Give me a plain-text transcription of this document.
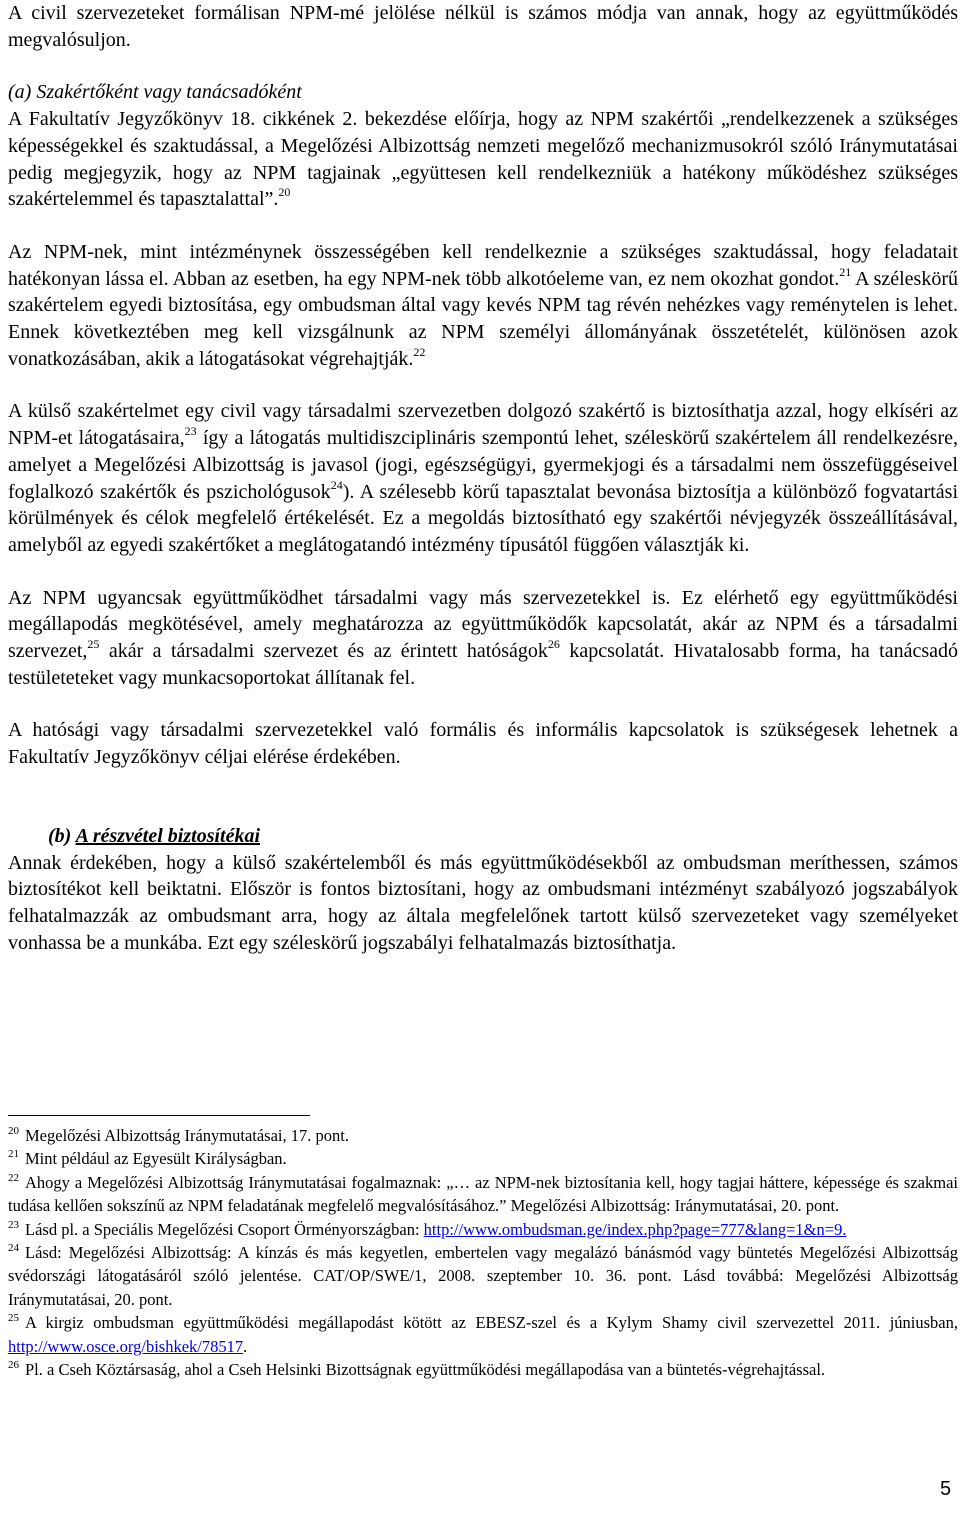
A civil szervezeteket formálisan NPM-mé jelölése nélkül is számos módja van annak, hogy az együttműködés megvalósuljon.

(a) Szakértőként vagy tanácsadóként

A Fakultatív Jegyzőkönyv 18. cikkének 2. bekezdése előírja, hogy az NPM szakértői „rendelkezzenek a szükséges képességekkel és szaktudással, a Megelőzési Albizottság nemzeti megelőző mechanizmusokról szóló Iránymutatásai pedig megjegyzik, hogy az NPM tagjainak „együttesen kell rendelkezniük a hatékony működéshez szükséges szakértelemmel és tapasztalattal”.$^{20}$

Az NPM-nek, mint intézménynek összességében kell rendelkeznie a szükséges szaktudással, hogy feladatait hatékonyan lássa el. Abban az esetben, ha egy NPM-nek több alkotóeleme van, ez nem okozhat gondot.$^{21}$ A széleskörű szakértelem egyedi biztosítása, egy ombudsman által vagy kevés NPM tag révén nehézkes vagy reménytelen is lehet. Ennek következtében meg kell vizsgálnunk az NPM személyi állományának összetételét, különösen azok vonatkozásában, akik a látogatásokat végrehajtják.$^{22}$

A külső szakértelmet egy civil vagy társadalmi szervezetben dolgozó szakértő is biztosíthatja azzal, hogy elkíséri az NPM-et látogatásaira,$^{23}$ így a látogatás multidiszciplináris szempontú lehet, széleskörű szakértelem áll rendelkezésre, amelyet a Megelőzési Albizottság is javasol (jogi, egészségügyi, gyermekjogi és a társadalmi nem összefüggéseivel foglalkozó szakértők és pszichológusok$^{24}$). A szélesebb körű tapasztalat bevonása biztosítja a különböző fogvatartási körülmények és célok megfelelő értékelését. Ez a megoldás biztosítható egy szakértői névjegyzék összeállításával, amelyből az egyedi szakértőket a meglátogatandó intézmény típusától függően választják ki.

Az NPM ugyancsak együttműködhet társadalmi vagy más szervezetekkel is. Ez elérhető egy együttműködési megállapodás megkötésével, amely meghatározza az együttműködők kapcsolatát, akár az NPM és a társadalmi szervezet,$^{25}$ akár a társadalmi szervezet és az érintett hatóságok$^{26}$ kapcsolatát. Hivatalosabb forma, ha tanácsadó testületeteket vagy munkacsoportokat állítanak fel.

A hatósági vagy társadalmi szervezetekkel való formális és informális kapcsolatok is szükségesek lehetnek a Fakultatív Jegyzőkönyv céljai elérése érdekében.

(b) A részvétel biztosítékai

Annak érdekében, hogy a külső szakértelemből és más együttműködésekből az ombudsman meríthessen, számos biztosítékot kell beiktatni. Először is fontos biztosítani, hogy az ombudsmani intézményt szabályozó jogszabályok felhatalmazzák az ombudsmant arra, hogy az általa megfelelőnek tartott külső szervezeteket vagy személyeket vonhassa be a munkába. Ezt egy széleskörű jogszabályi felhatalmazás biztosíthatja.

$^{20}$ Megelőzési Albizottság Iránymutatásai, 17. pont.

$^{21}$ Mint például az Egyesült Királyságban.

$^{22}$ Ahogy a Megelőzési Albizottság Iránymutatásai fogalmaznak: „… az NPM-nek biztosítania kell, hogy tagjai háttere, képessége és szakmai tudása kellően sokszínű az NPM feladatának megfelelő megvalósításához.” Megelőzési Albizottság: Iránymutatásai, 20. pont.

$^{23}$ Lásd pl. a Speciális Megelőzési Csoport Örményországban: http://www.ombudsman.ge/index.php?page=777&lang=1&n=9.

$^{24}$ Lásd: Megelőzési Albizottság: A kínzás és más kegyetlen, embertelen vagy megalázó bánásmód vagy büntetés Megelőzési Albizottság svédországi látogatásáról szóló jelentése. CAT/OP/SWE/1, 2008. szeptember 10. 36. pont. Lásd továbbá: Megelőzési Albizottság Iránymutatásai, 20. pont.

$^{25}$ A kirgiz ombudsman együttműködési megállapodást kötött az EBESZ-szel és a Kylym Shamy civil szervezettel 2011. júniusban, http://www.osce.org/bishkek/78517.

$^{26}$ Pl. a Cseh Köztársaság, ahol a Cseh Helsinki Bizottságnak együttműködési megállapodása van a büntetés-végrehajtással.

5
